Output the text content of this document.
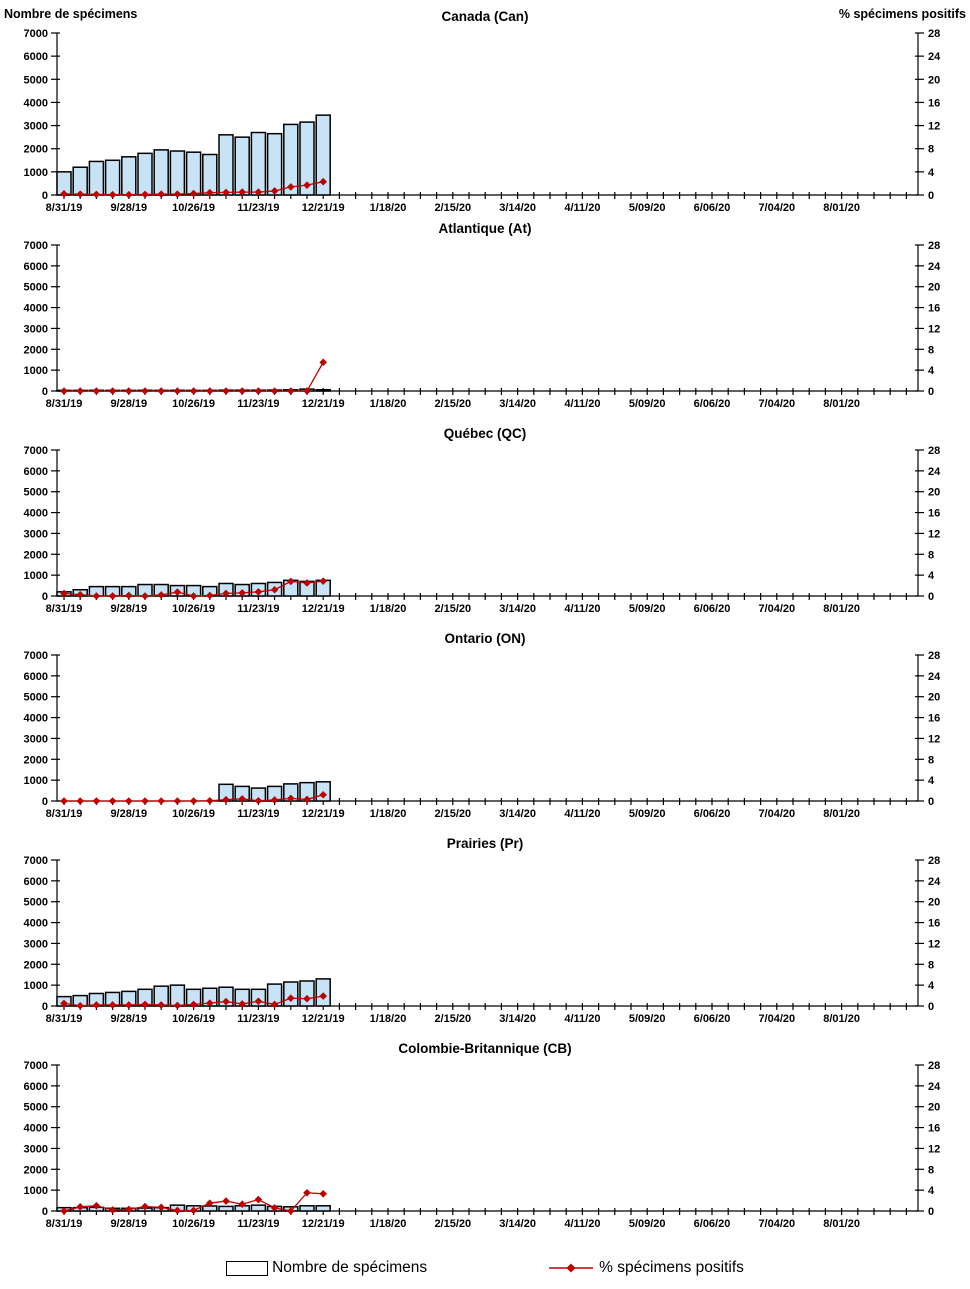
Nombre de spécimens	Canada (Can)	% spécimens positifs
0
1000
2000
3000
4000
5000
6000
7000
0
4
8
12
16
20
24
28
8/31/19	9/28/19 10/26/19 11/23/19 12/21/19 1/18/20	2/15/20	3/14/20	4/11/20	5/09/20	6/06/20	7/04/20	8/01/20
Atlantique (At)
0
1000
2000
3000
4000
5000
6000
7000
0
4
8
12
16
20
24
28
8/31/19	9/28/19 10/26/19 11/23/19 12/21/19 1/18/20	2/15/20	3/14/20	4/11/20	5/09/20	6/06/20	7/04/20	8/01/20
Québec (QC)
0
1000
2000
3000
4000
5000
6000
7000
0
4
8
12
16
20
24
28
8/31/19	9/28/19 10/26/19 11/23/19 12/21/19 1/18/20	2/15/20	3/14/20	4/11/20	5/09/20	6/06/20	7/04/20	8/01/20
Ontario (ON)
0
1000
2000
3000
4000
5000
6000
7000
0
4
8
12
16
20
24
28
8/31/19	9/28/19 10/26/19 11/23/19 12/21/19 1/18/20	2/15/20	3/14/20	4/11/20	5/09/20	6/06/20	7/04/20	8/01/20
Prairies (Pr)
0
1000
2000
3000
4000
5000
6000
7000
0
4
8
12
16
20
24
28
8/31/19	9/28/19 10/26/19 11/23/19 12/21/19 1/18/20	2/15/20	3/14/20	4/11/20	5/09/20	6/06/20	7/04/20	8/01/20
Colombie-Britannique (CB)
0
1000
2000
3000
4000
5000
6000
7000
0
4
8
12
16
20
24
28
8/31/19	9/28/19 10/26/19 11/23/19 12/21/19 1/18/20	2/15/20	3/14/20	4/11/20	5/09/20	6/06/20	7/04/20	8/01/20
Nombre de spécimens	% spécimens positifs
